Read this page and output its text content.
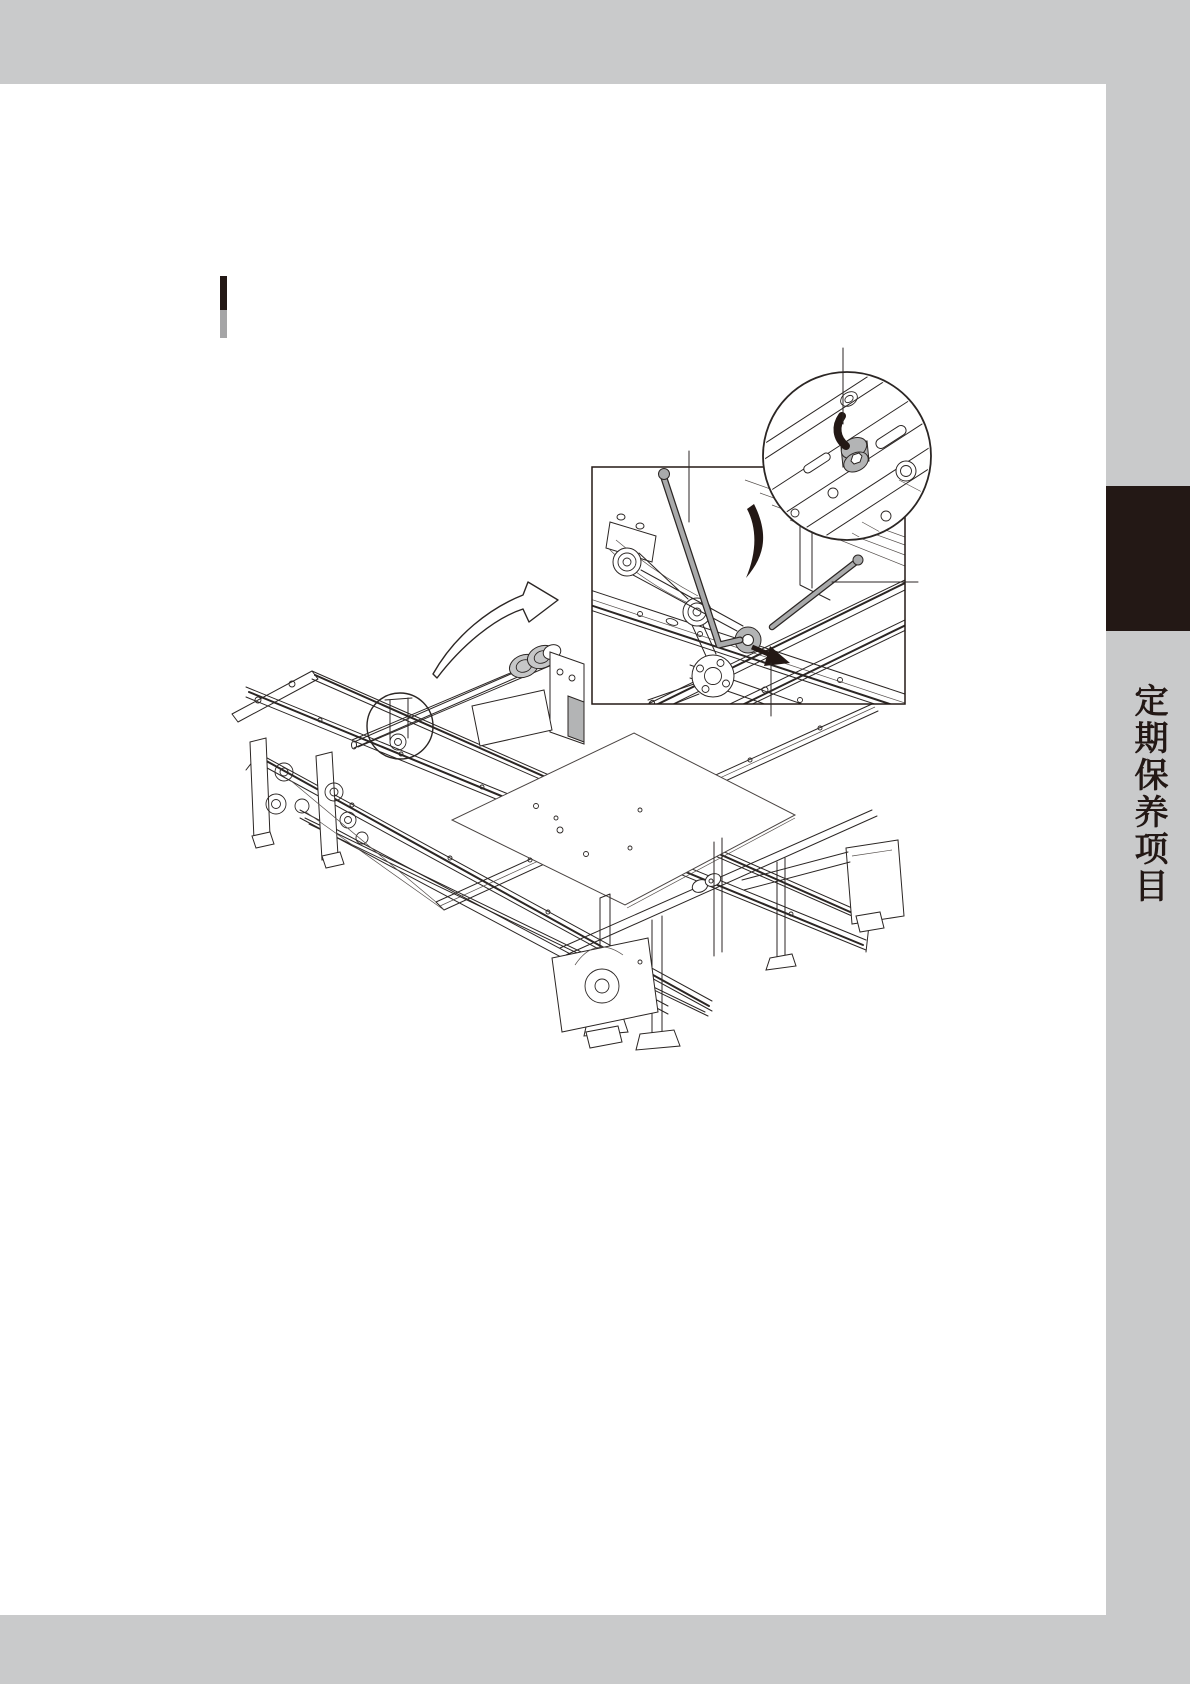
定期保养项目
